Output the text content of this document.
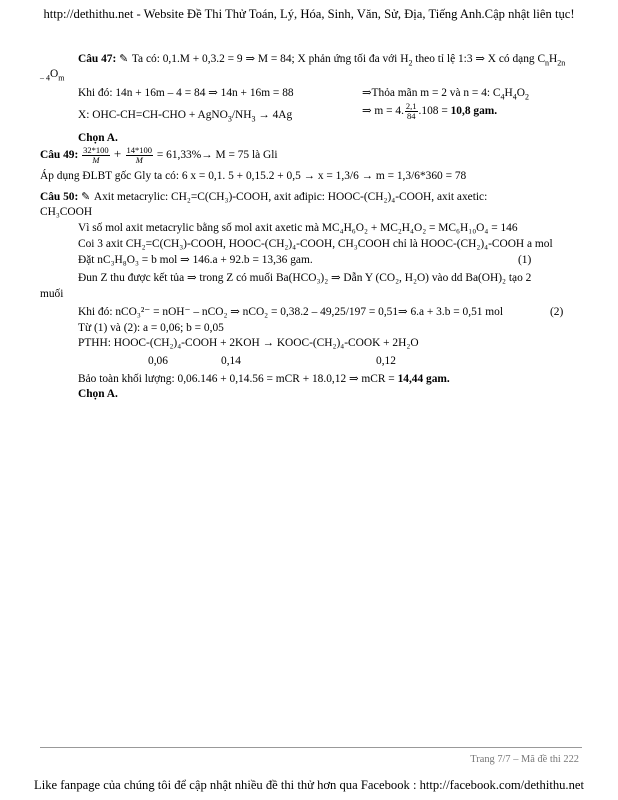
http://dethithu.net - Website Đề Thi Thử Toán, Lý, Hóa, Sinh, Văn, Sử, Địa, Tiếng Anh.Cập nhật liên tục!
Câu 47: ✎ Ta có: 0,1.M + 0,3.2 = 9 ⇒ M = 84; X phản ứng tối đa với $H_2$ theo tỉ lệ 1:3 ⇒ X có dạng $C_nH_{2n}$
$_{- 4}O_m$
Khi đó: 14n + 16m – 4 = 84 ⇒ 14n + 16m = 88	⇒Thỏa mãn m = 2 và n = 4: $C_4H_4O_2$
X: $OHC-CH=CH-CHO + AgNO_3/NH_3 \to 4Ag$	⇒ m = 4. $\frac{2,1}{84} .108 = 10,8$ gam.
Chọn A.
Câu 49: $\frac{32*100}{M} + \frac{14*100}{M} = 61,33\%\to M = 75$ là Gli
Áp dụng ĐLBT gốc Gly ta có: 6 x = 0,1. 5 + 0,15.2 + 0,5 → x = 1,3/6 → m = 1,3/6*360 = 78
Câu 50: ✎ Axit metacrylic: CH₂=C(CH₃)-COOH, axit ađipic: HOOC-(CH₂)₄-COOH, axit axetic:
CH₃COOH
Vì số mol axit metacrylic bằng số mol axit axetic mà MC₄H₆O₂ + MC₂H₄O₂ = MC₆H₁₀O₄ = 146
Coi 3 axit CH₂=C(CH₃)-COOH, HOOC-(CH₂)₄-COOH, CH₃COOH chỉ là HOOC-(CH₂)₄-COOH a mol
Đặt nC₃H₈O₃ = b mol ⇒ 146.a + 92.b = 13,36 gam.	(1)
Đun Z thu được kết tủa ⇒ trong Z có muối Ba(HCO₃)₂ ⇒ Dẫn Y (CO₂, H₂O) vào dd Ba(OH)₂ tạo 2
muối
Khi đó: nCO₃²⁻ = nOH⁻ – nCO₂ ⇒ nCO₂ = 0,38.2 – 49,25/197 = 0,51⇒ 6.a + 3.b = 0,51 mol	(2)
Từ (1) và (2): a = 0,06; b = 0,05
PTHH: HOOC-(CH₂)₄-COOH + 2KOH → KOOC-(CH₂)₄-COOK + 2H₂O
0,06	0,14	0,12
Bảo toàn khối lượng: 0,06.146 + 0,14.56 = mCR + 18.0,12 ⇒ mCR = 14,44 gam.
Chọn A.
Trang 7/7 – Mã đề thi 222
Like fanpage của chúng tôi để cập nhật nhiều đề thi thử hơn qua Facebook : http://facebook.com/dethithu.net
